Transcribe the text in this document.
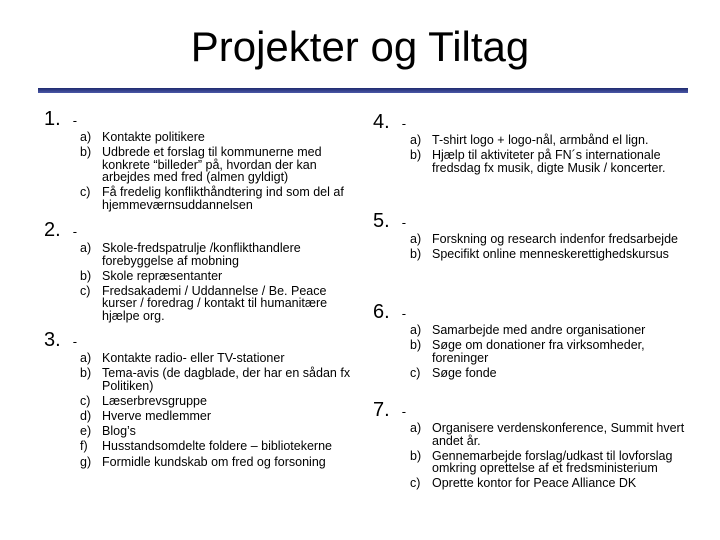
Projekter og Tiltag
1. -
a) Kontakte politikere
b) Udbrede et forslag til kommunerne med konkrete “billeder” på, hvordan der kan arbejdes med fred (almen gyldigt)
c) Få fredelig konflikthåndtering ind som del af hjemmeværnsuddannelsen
2. -
a) Skole-fredspatrulje /konflikthandlere forebyggelse af mobning
b) Skole repræsentanter
c) Fredsakademi / Uddannelse / Be. Peace kurser / foredrag / kontakt til humanitære hjælpe org.
3. -
a) Kontakte radio- eller TV-stationer
b) Tema-avis (de dagblade, der har en sådan fx Politiken)
c) Læserbrevsgruppe
d) Hverve medlemmer
e) Blog’s
f)	Husstandsomdelte foldere – bibliotekerne
g) Formidle kundskab om fred og forsoning
4. -
a) T-shirt logo + logo-nål, armbånd el lign.
b) Hjælp til aktiviteter på FN´s internationale fredsdag fx musik, digte Musik / koncerter.
5. -
a) Forskning og research indenfor fredsarbejde
b) Specifikt online menneskerettighedskursus
6. -
a) Samarbejde med andre organisationer
b) Søge om donationer fra virksomheder, foreninger
c) Søge fonde
7. -
a) Organisere verdenskonference, Summit hvert andet år.
b) Gennemarbejde forslag/udkast til lovforslag omkring oprettelse af et fredsministerium
c) Oprette kontor for Peace Alliance DK
